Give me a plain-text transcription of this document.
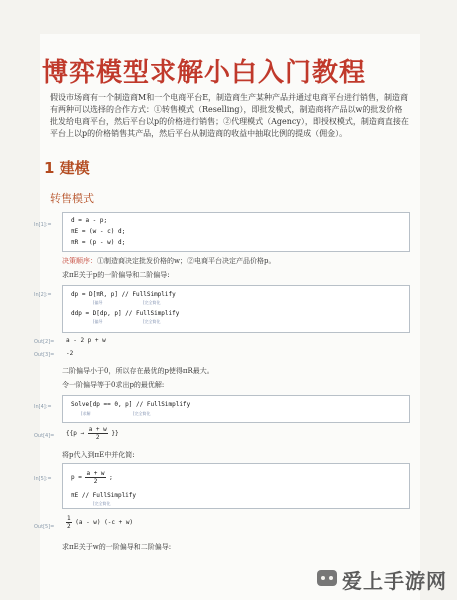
博弈模型求解小白入门教程
假设市场商有一个制造商M和一个电商平台E，制造商生产某种产品并通过电商平台进行销售，制造商有两种可以选择的合作方式：①转售模式（Reselling），即批发模式，制造商将产品以w的批发价格批发给电商平台，然后平台以p的价格进行销售；②代理模式（Agency），即授权模式，制造商直接在平台上以p的价格销售其产品，然后平台从制造商的收益中抽取比例的提成（佣金）。
1 建模
转售模式
In[1]:=
d = a - p;
πE = (w - c) d;
πR = (p - w) d;
决策顺序：①制造商决定批发价格的w；②电商平台决定产品价格p。
求πE关于p的一阶偏导和二阶偏导:
In[2]:=	dp = D[πR, p] // FullSimplify
[偏导	[完全简化
ddp = D[dp, p] // FullSimplify
[偏导	[完全简化
Out[2]= a - 2 p + w
Out[3]= -2
二阶偏导小于0，所以存在最优的p使得πR最大。
令一阶偏导等于0求出p的最优解:
In[4]:=	Solve[dp == 0, p] // FullSimplify
[求解	[完全简化
$Out[4]= \{\{p \to \frac{a + w}{2}$ }}
将p代入到πE中并化简:
In[5]:=	$p = \frac{a + w}{2}$ ;
πE // FullSimplify
[完全简化
$Out[5]= \frac{1}{2} (a - w) (-c + w)$
求πE关于w的一阶偏导和二阶偏导:
爱上手游网
